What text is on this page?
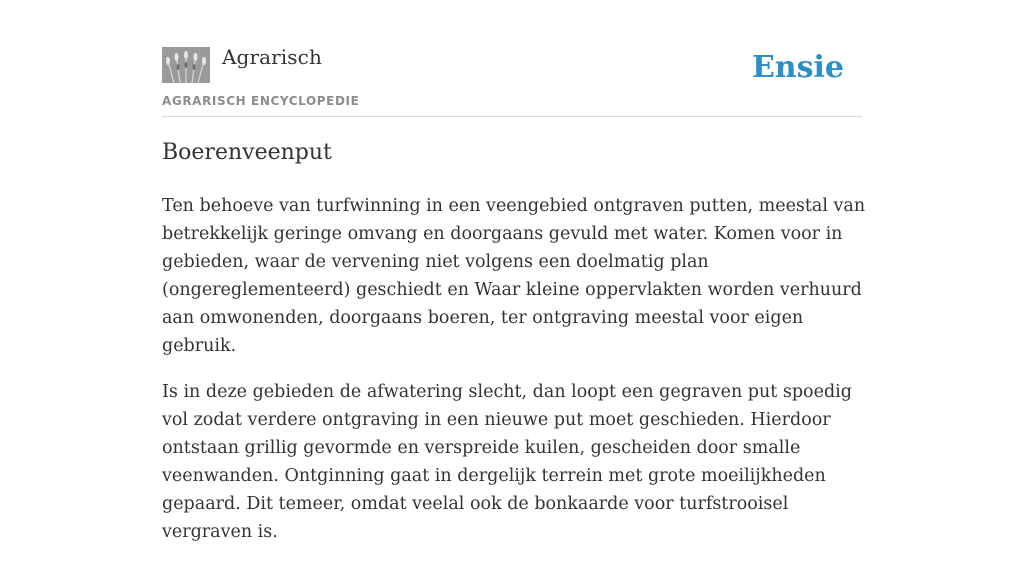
Agrarisch
AGRARISCH ENCYCLOPEDIE
Ensie
Boerenveenput

Ten behoeve van turfwinning in een veengebied ontgraven putten, meestal van betrekkelijk geringe omvang en doorgaans gevuld met water. Komen voor in gebieden, waar de vervening niet volgens een doelmatig plan (ongereglementeerd) geschiedt en Waar kleine oppervlakten worden verhuurd aan omwonenden, doorgaans boeren, ter ontgraving meestal voor eigen gebruik.

Is in deze gebieden de afwatering slecht, dan loopt een gegraven put spoedig vol zodat verdere ontgraving in een nieuwe put moet geschieden. Hierdoor ontstaan grillig gevormde en verspreide kuilen, gescheiden door smalle veenwanden. Ontginning gaat in dergelijk terrein met grote moeilijkheden gepaard. Dit temeer, omdat veelal ook de bonkaarde voor turfstrooisel vergraven is.
